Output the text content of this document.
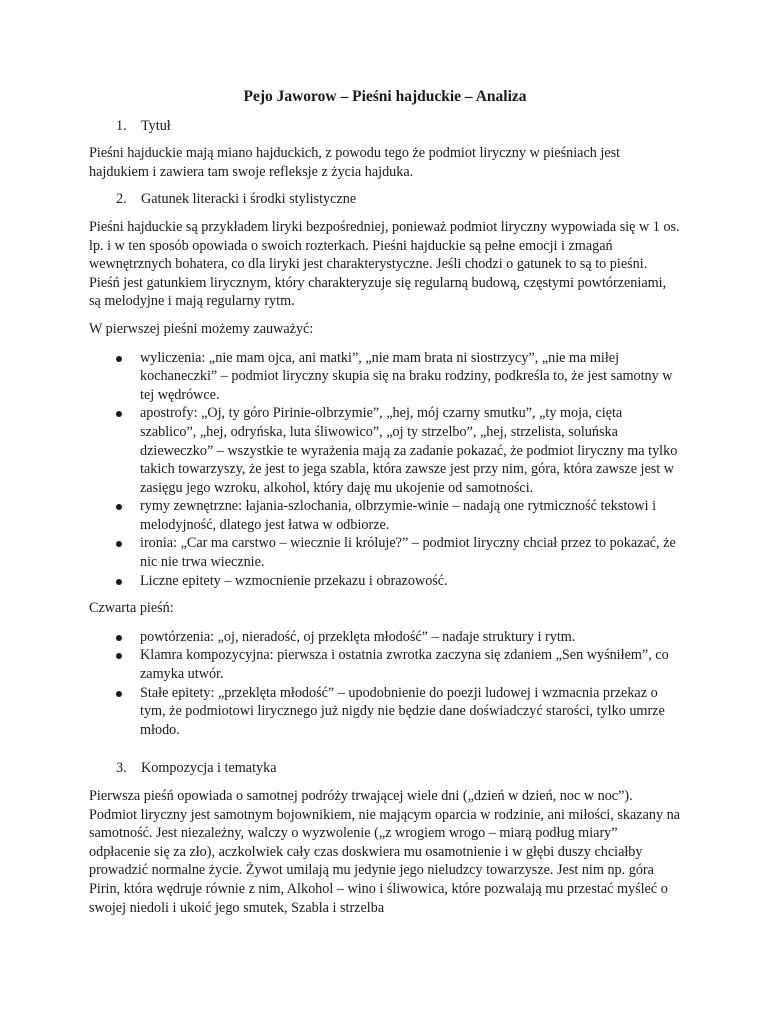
Pejo Jaworow – Pieśni hajduckie – Analiza
1. Tytuł

Pieśni hajduckie mają miano hajduckich, z powodu tego że podmiot liryczny w pieśniach jest hajdukiem i zawiera tam swoje refleksje z życia hajduka.

2. Gatunek literacki i środki stylistyczne

Pieśni hajduckie są przykładem liryki bezpośredniej, ponieważ podmiot liryczny wypowiada się w 1 os. lp. i w ten sposób opowiada o swoich rozterkach. Pieśni hajduckie są pełne emocji i zmagań wewnętrznych bohatera, co dla liryki jest charakterystyczne. Jeśli chodzi o gatunek to są to pieśni. Pieśń jest gatunkiem lirycznym, który charakteryzuje się regularną budową, częstymi powtórzeniami, są melodyjne i mają regularny rytm.

W pierwszej pieśni możemy zauważyć:

wyliczenia: „nie mam ojca, ani matki”, „nie mam brata ni siostrzycy”, „nie ma miłej kochaneczki” – podmiot liryczny skupia się na braku rodziny, podkreśla to, że jest samotny w tej wędrówce.
apostrofy: „Oj, ty góro Pirinie-olbrzymie”, „hej, mój czarny smutku”, „ty moja, cięta szablico”, „hej, odryńska, luta śliwowico”, „oj ty strzelbo”, „hej, strzelista, soluńska dzieweczko” – wszystkie te wyrażenia mają za zadanie pokazać, że podmiot liryczny ma tylko takich towarzyszy, że jest to jega szabla, która zawsze jest przy nim, góra, która zawsze jest w zasięgu jego wzroku, alkohol, który daję mu ukojenie od samotności.
rymy zewnętrzne: łajania-szlochania, olbrzymie-winie – nadają one rytmiczność tekstowi i melodyjność, dlatego jest łatwa w odbiorze.
ironia: „Car ma carstwo – wiecznie li króluje?” – podmiot liryczny chciał przez to pokazać, że nic nie trwa wiecznie.
Liczne epitety – wzmocnienie przekazu i obrazowość.

Czwarta pieśń:

powtórzenia: „oj, nieradość, oj przeklęta młodość” – nadaje struktury i rytm.
Klamra kompozycyjna: pierwsza i ostatnia zwrotka zaczyna się zdaniem „Sen wyśniłem”, co zamyka utwór.
Stałe epitety: „przeklęta młodość” – upodobnienie do poezji ludowej i wzmacnia przekaz o tym, że podmiotowi lirycznego już nigdy nie będzie dane doświadczyć starości, tylko umrze młodo.
3. Kompozycja i tematyka

Pierwsza pieśń opowiada o samotnej podróży trwającej wiele dni („dzień w dzień, noc w noc”). Podmiot liryczny jest samotnym bojownikiem, nie mającym oparcia w rodzinie, ani miłości, skazany na samotność. Jest niezależny, walczy o wyzwolenie („z wrogiem wrogo – miarą podług miary” odpłacenie się za zło), aczkolwiek cały czas doskwiera mu osamotnienie i w głębi duszy chciałby prowadzić normalne życie. Żywot umilają mu jedynie jego nieludzcy towarzysze. Jest nim np. góra Pirin, która wędruje równie z nim, Alkohol – wino i śliwowica, które pozwalają mu przestać myśleć o swojej niedoli i ukoić jego smutek, Szabla i strzelba
